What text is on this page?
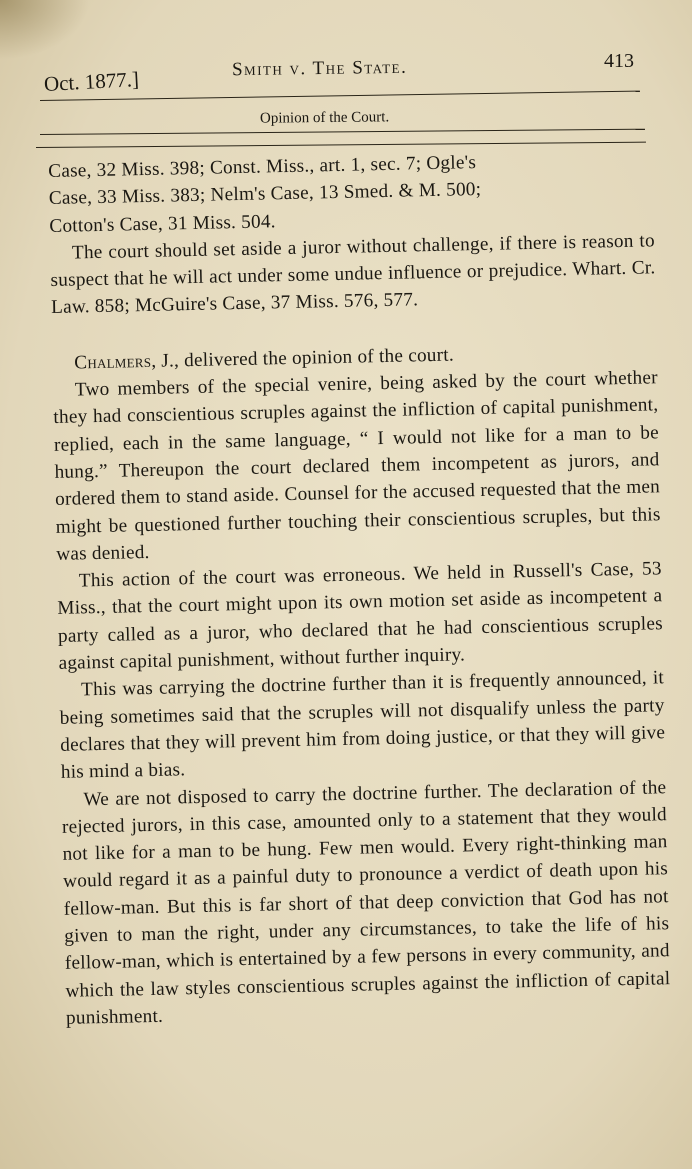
Oct. 1877.]	Smith v. The State.	413
Opinion of the Court.

Case, 32 Miss. 398; Const. Miss., art. 1, sec. 7; Ogle's

Case, 33 Miss. 383; Nelm's Case, 13 Smed. & M. 500;

Cotton's Case, 31 Miss. 504.

The court should set aside a juror without challenge, if there is reason to suspect that he will act under some undue influence or prejudice. Whart. Cr. Law. 858; McGuire's Case, 37 Miss. 576, 577.

Chalmers, J., delivered the opinion of the court.

Two members of the special venire, being asked by the court whether they had conscientious scruples against the infliction of capital punishment, replied, each in the same language, “ I would not like for a man to be hung.” Thereupon the court declared them incompetent as jurors, and ordered them to stand aside. Counsel for the accused requested that the men might be questioned further touching their conscientious scruples, but this was denied.

This action of the court was erroneous. We held in Russell's Case, 53 Miss., that the court might upon its own motion set aside as incompetent a party called as a juror, who declared that he had conscientious scruples against capital punishment, without further inquiry.

This was carrying the doctrine further than it is frequently announced, it being sometimes said that the scruples will not disqualify unless the party declares that they will prevent him from doing justice, or that they will give his mind a bias.

We are not disposed to carry the doctrine further. The declaration of the rejected jurors, in this case, amounted only to a statement that they would not like for a man to be hung. Few men would. Every right-thinking man would regard it as a painful duty to pronounce a verdict of death upon his fellow-man. But this is far short of that deep conviction that God has not given to man the right, under any circumstances, to take the life of his fellow-man, which is entertained by a few persons in every community, and which the law styles conscientious scruples against the infliction of capital punishment.
